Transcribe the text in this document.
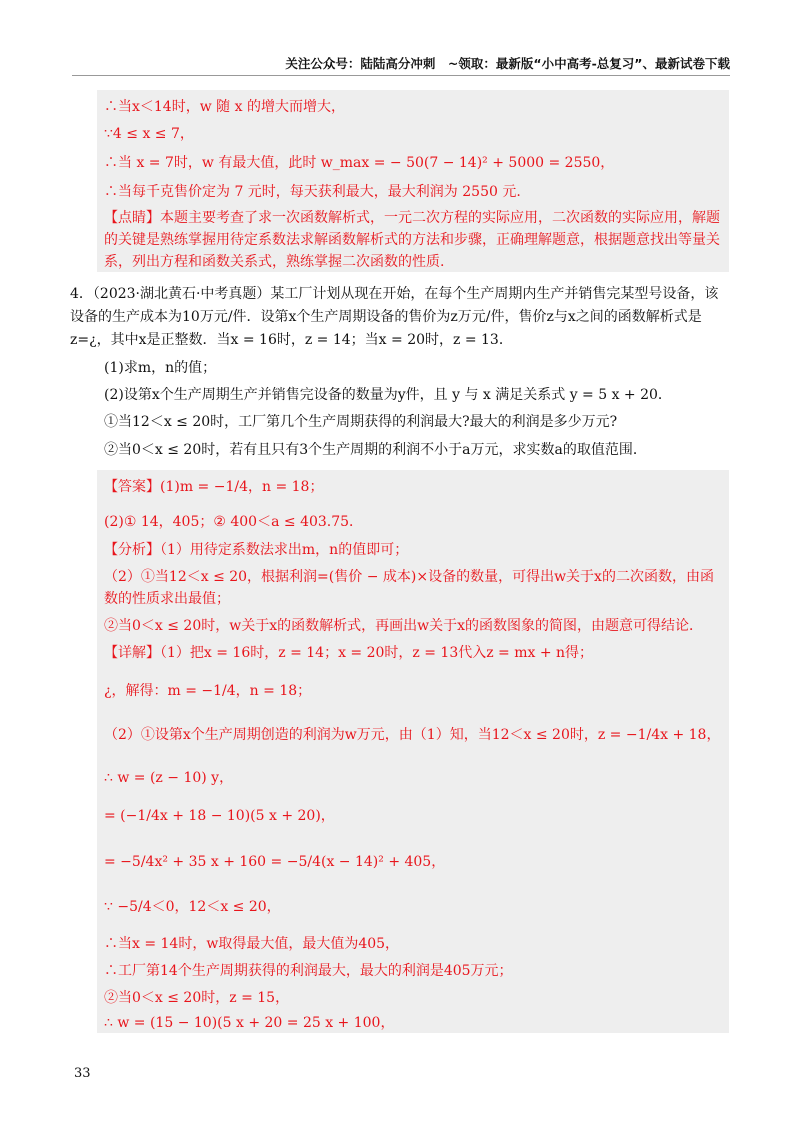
关注公众号：陆陆高分冲刺　~领取：最新版“小中高考-总复习”、最新试卷下载
∴当x＜14时，w 随 x 的增大而增大，
∵4 ≤ x ≤ 7，
∴当 x = 7时，w 有最大值，此时 w_max = − 50(7 − 14)² + 5000 = 2550，
∴当每千克售价定为 7 元时，每天获利最大，最大利润为 2550 元.
【点睛】本题主要考查了求一次函数解析式，一元二次方程的实际应用，二次函数的实际应用，解题的关键是熟练掌握用待定系数法求解函数解析式的方法和步骤，正确理解题意，根据题意找出等量关系，列出方程和函数关系式，熟练掌握二次函数的性质.
4．（2023·湖北黄石·中考真题）某工厂计划从现在开始，在每个生产周期内生产并销售完某型号设备，该设备的生产成本为10万元/件．设第x个生产周期设备的售价为z万元/件，售价z与x之间的函数解析式是z=¿，其中x是正整数．当x = 16时，z = 14；当x = 20时，z = 13．
(1)求m，n的值；
(2)设第x个生产周期生产并销售完设备的数量为y件，且 y 与 x 满足关系式 y = 5 x + 20．
①当12＜x ≤ 20时，工厂第几个生产周期获得的利润最大?最大的利润是多少万元?
②当0＜x ≤ 20时，若有且只有3个生产周期的利润不小于a万元，求实数a的取值范围．
【答案】(1)m = −1/4，n = 18；
(2)① 14，405；② 400＜a ≤ 403.75．
【分析】（1）用待定系数法求出m，n的值即可；
（2）①当12＜x ≤ 20，根据利润=(售价 − 成本)×设备的数量，可得出w关于x的二次函数，由函数的性质求出最值；
②当0＜x ≤ 20时，w关于x的函数解析式，再画出w关于x的函数图象的简图，由题意可得结论．
【详解】（1）把x = 16时，z = 14；x = 20时，z = 13代入z = mx + n得；
¿，解得：m = −1/4，n = 18；
（2）①设第x个生产周期创造的利润为w万元，由（1）知，当12＜x ≤ 20时，z = −1/4x + 18，
∴ w = (z − 10) y，
= (−1/4x + 18 − 10)(5 x + 20)，
= −5/4x² + 35 x + 160 = −5/4(x − 14)² + 405，
∵ −5/4＜0，12＜x ≤ 20，
∴当x = 14时，w取得最大值，最大值为405，
∴工厂第14个生产周期获得的利润最大，最大的利润是405万元；
②当0＜x ≤ 20时，z = 15，
∴ w = (15 − 10)(5 x + 20 = 25 x + 100，
33
